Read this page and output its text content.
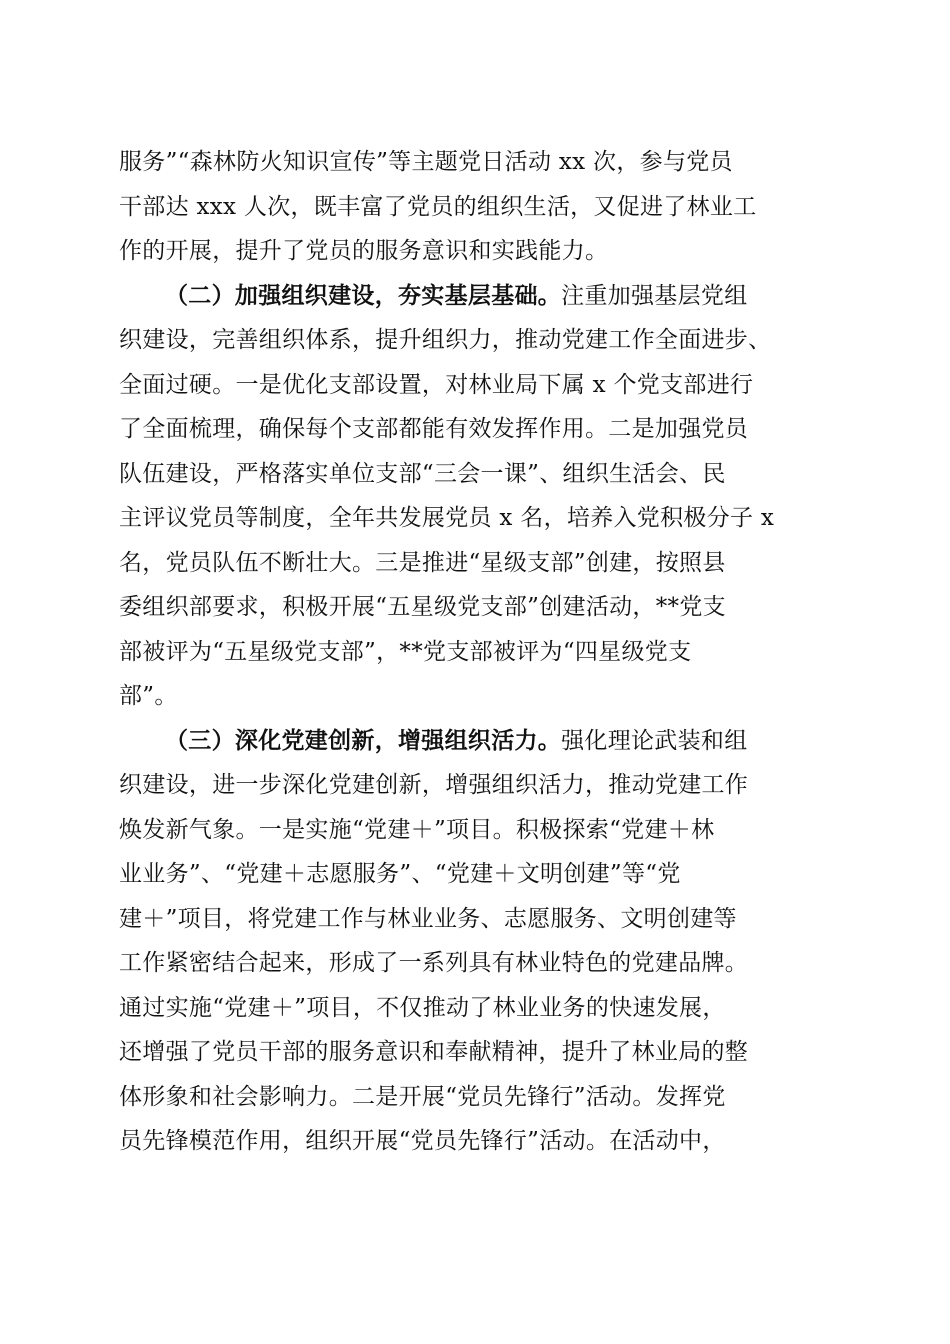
服务”“森林防火知识宣传”等主题党日活动 xx 次，参与党员
干部达 xxx 人次，既丰富了党员的组织生活，又促进了林业工
作的开展，提升了党员的服务意识和实践能力。
（二）加强组织建设，夯实基层基础。注重加强基层党组
织建设，完善组织体系，提升组织力，推动党建工作全面进步、
全面过硬。一是优化支部设置，对林业局下属 x 个党支部进行
了全面梳理，确保每个支部都能有效发挥作用。二是加强党员
队伍建设，严格落实单位支部“三会一课”、组织生活会、民
主评议党员等制度，全年共发展党员 x 名，培养入党积极分子 x
名，党员队伍不断壮大。三是推进“星级支部”创建，按照县
委组织部要求，积极开展“五星级党支部”创建活动，**党支
部被评为“五星级党支部”，**党支部被评为“四星级党支
部”。
（三）深化党建创新，增强组织活力。强化理论武装和组
织建设，进一步深化党建创新，增强组织活力，推动党建工作
焕发新气象。一是实施“党建＋”项目。积极探索“党建＋林
业业务”、“党建＋志愿服务”、“党建＋文明创建”等“党
建＋”项目，将党建工作与林业业务、志愿服务、文明创建等
工作紧密结合起来，形成了一系列具有林业特色的党建品牌。
通过实施“党建＋”项目，不仅推动了林业业务的快速发展，
还增强了党员干部的服务意识和奉献精神，提升了林业局的整
体形象和社会影响力。二是开展“党员先锋行”活动。发挥党
员先锋模范作用，组织开展“党员先锋行”活动。在活动中，
